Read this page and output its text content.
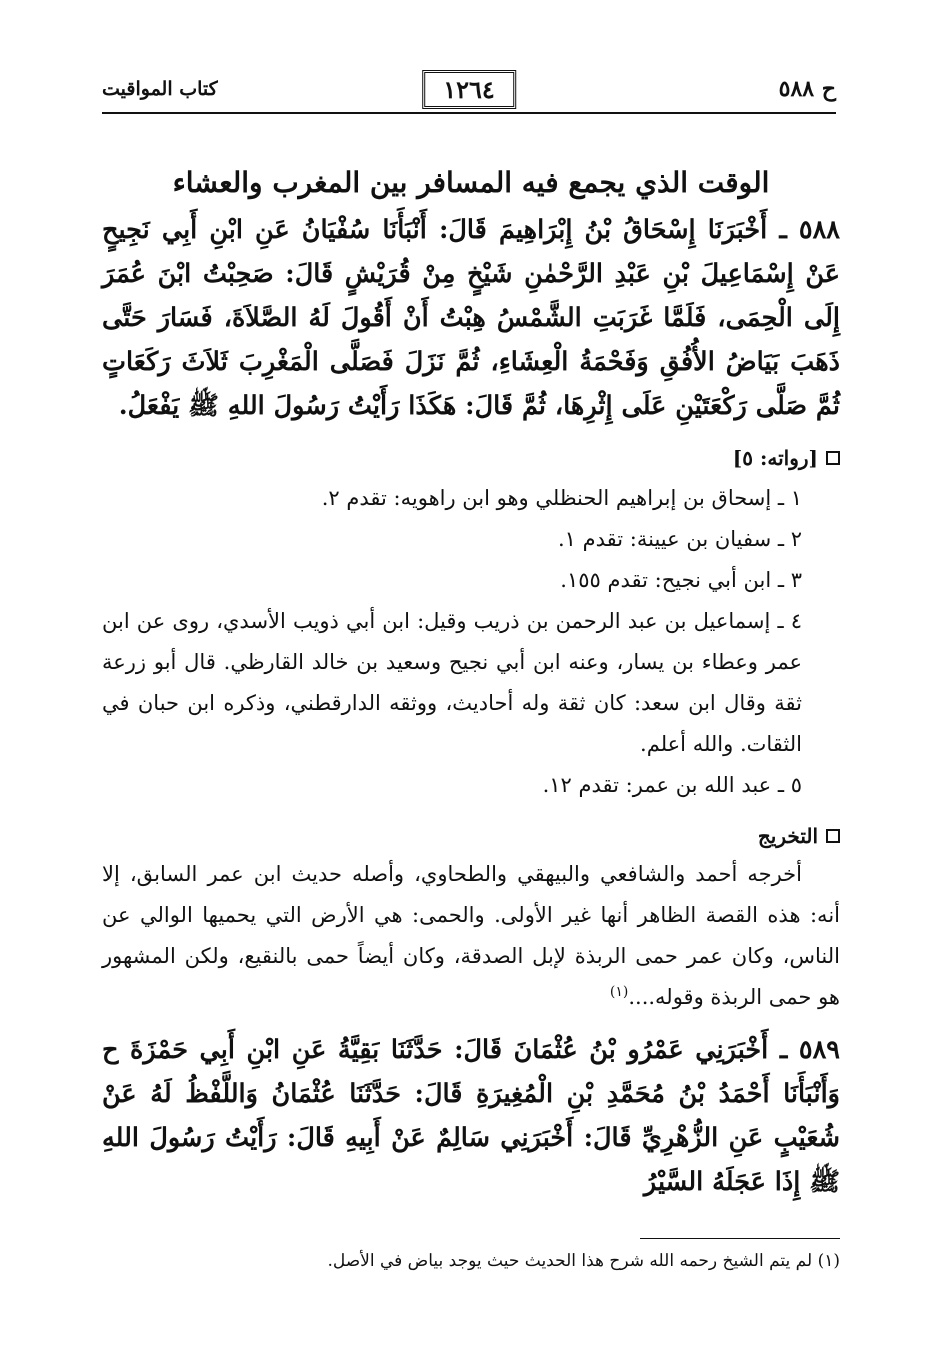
ح ٥٨٨
١٢٦٤
كتاب المواقيت
الوقت الذي يجمع فيه المسافر بين المغرب والعشاء

٥٨٨ ـ أَخْبَرَنَا إِسْحَاقُ بْنُ إِبْرَاهِيمَ قَالَ: أَنْبَأَنَا سُفْيَانُ عَنِ ابْنِ أَبِي نَجِيحٍ عَنْ إِسْمَاعِيلَ بْنِ عَبْدِ الرَّحْمٰنِ شَيْخٍ مِنْ قُرَيْشٍ قَالَ: صَحِبْتُ ابْنَ عُمَرَ إِلَى الْحِمَى، فَلَمَّا غَرَبَتِ الشَّمْسُ هِبْتُ أَنْ أَقُولَ لَهُ الصَّلاَةَ، فَسَارَ حَتَّى ذَهَبَ بَيَاضُ الأُفُقِ وَفَحْمَةُ الْعِشَاءِ، ثُمَّ نَزَلَ فَصَلَّى الْمَغْرِبَ ثَلاَثَ رَكَعَاتٍ ثُمَّ صَلَّى رَكْعَتَيْنِ عَلَى إِثْرِهَا، ثُمَّ قَالَ: هَكَذَا رَأَيْتُ رَسُولَ اللهِ ﷺ يَفْعَلُ.

[رواته: ٥]
١ ـ إسحاق بن إبراهيم الحنظلي وهو ابن راهويه: تقدم ٢.
٢ ـ سفيان بن عيينة: تقدم ١.
٣ ـ ابن أبي نجيح: تقدم ١٥٥.
٤ ـ إسماعيل بن عبد الرحمن بن ذريب وقيل: ابن أبي ذويب الأسدي، روى عن ابن عمر وعطاء بن يسار، وعنه ابن أبي نجيح وسعيد بن خالد القارظي. قال أبو زرعة ثقة وقال ابن سعد: كان ثقة وله أحاديث، ووثقه الدارقطني، وذكره ابن حبان في الثقات. والله أعلم.
٥ ـ عبد الله بن عمر: تقدم ١٢.
التخريج

أخرجه أحمد والشافعي والبيهقي والطحاوي، وأصله حديث ابن عمر السابق، إلا أنه: هذه القصة الظاهر أنها غير الأولى. والحمى: هي الأرض التي يحميها الوالي عن الناس، وكان عمر حمى الربذة لإبل الصدقة، وكان أيضاً حمى بالنقيع، ولكن المشهور هو حمى الربذة وقوله....$^{(١)}$

٥٨٩ ـ أَخْبَرَنِي عَمْرُو بْنُ عُثْمَانَ قَالَ: حَدَّثَنَا بَقِيَّةُ عَنِ ابْنِ أَبِي حَمْزَةَ ح وَأَنْبَأَنَا أَحْمَدُ بْنُ مُحَمَّدِ بْنِ الْمُغِيرَةِ قَالَ: حَدَّثَنَا عُثْمَانُ وَاللَّفْظُ لَهُ عَنْ شُعَيْبٍ عَنِ الزُّهْرِيِّ قَالَ: أَخْبَرَنِي سَالِمٌ عَنْ أَبِيهِ قَالَ: رَأَيْتُ رَسُولَ اللهِ ﷺ إِذَا عَجَلَهُ السَّيْرُ

(١) لم يتم الشيخ رحمه الله شرح هذا الحديث حيث يوجد بياض في الأصل.
